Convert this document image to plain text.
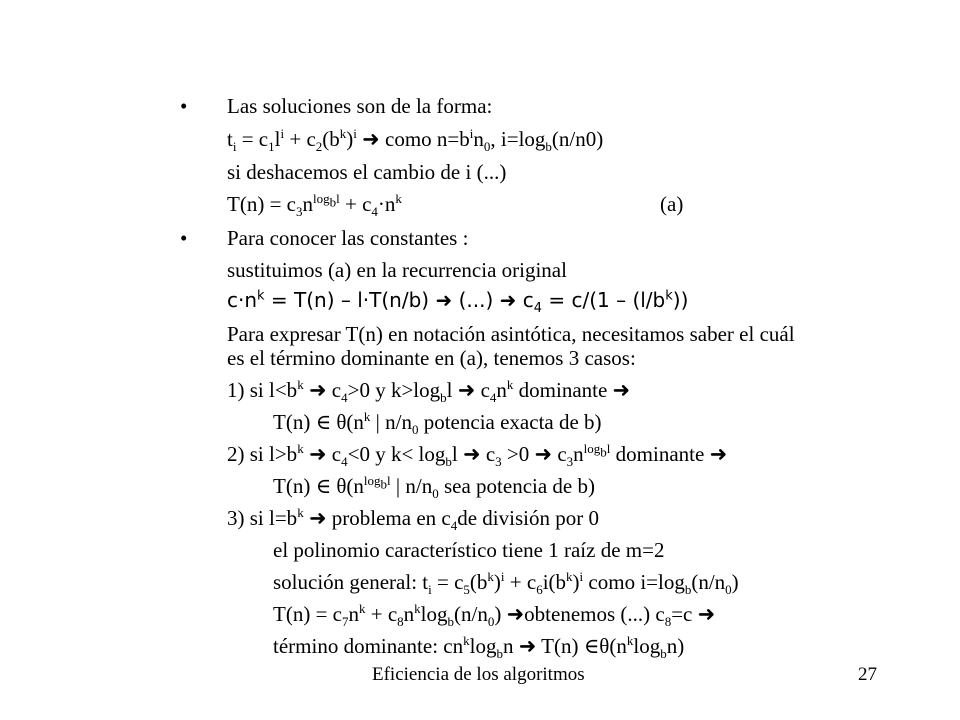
• Las soluciones son de la forma:
$t_i = c_1l^i + c_2(b^k)^i$ ➜ como $n=b^in_0$, $i=\log_b(n/n0)$
si deshacemos el cambio de i (...)
$T(n) = c_3n^{log_bl} + c_4\cdot n^k$	(a)
• Para conocer las constantes :
sustituimos (a) en la recurrencia original
$c\cdot n^k = T(n) - l\cdot T(n/b)$ ➜ (...) ➜ $c_4 = c/(1 - (l/b^k))$
Para expresar T(n) en notación asintótica, necesitamos saber el cuál
es el término dominante en (a), tenemos 3 casos:
1) si $l<b^k$ ➜ $c_4>0$ y $k>\log_bl$ ➜ $c_4n^k$ dominante ➜
T(n) ∈ $\theta(n^k$ | $n/n_0$ potencia exacta de b)
2) si $l>b^k$ ➜ $c_4<0$ y $k< \log_bl$ ➜ $c_3 >0$ ➜ $c_3n^{log_bl}$ dominante ➜
T(n) ∈ $\theta(n^{log_bl}$ | $n/n_0$ sea potencia de b)
3) si $l=b^k$ ➜ problema en $c_4de$ división por 0
el polinomio característico tiene 1 raíz de m=2
solución general: $t_i = c_5(b^k)^i + c_6i(b^k)^i$ como $i=\log_b(n/n_0)$
$T(n) = c_7n^k + c_8n^k\log_b(n/n_0)$ ➜obtenemos (...) $c_8=c$ ➜
término dominante: $cn^k\log_bn$ ➜ T(n) $\in\theta(n^k\log_bn)$
Eficiencia de los algoritmos	27
